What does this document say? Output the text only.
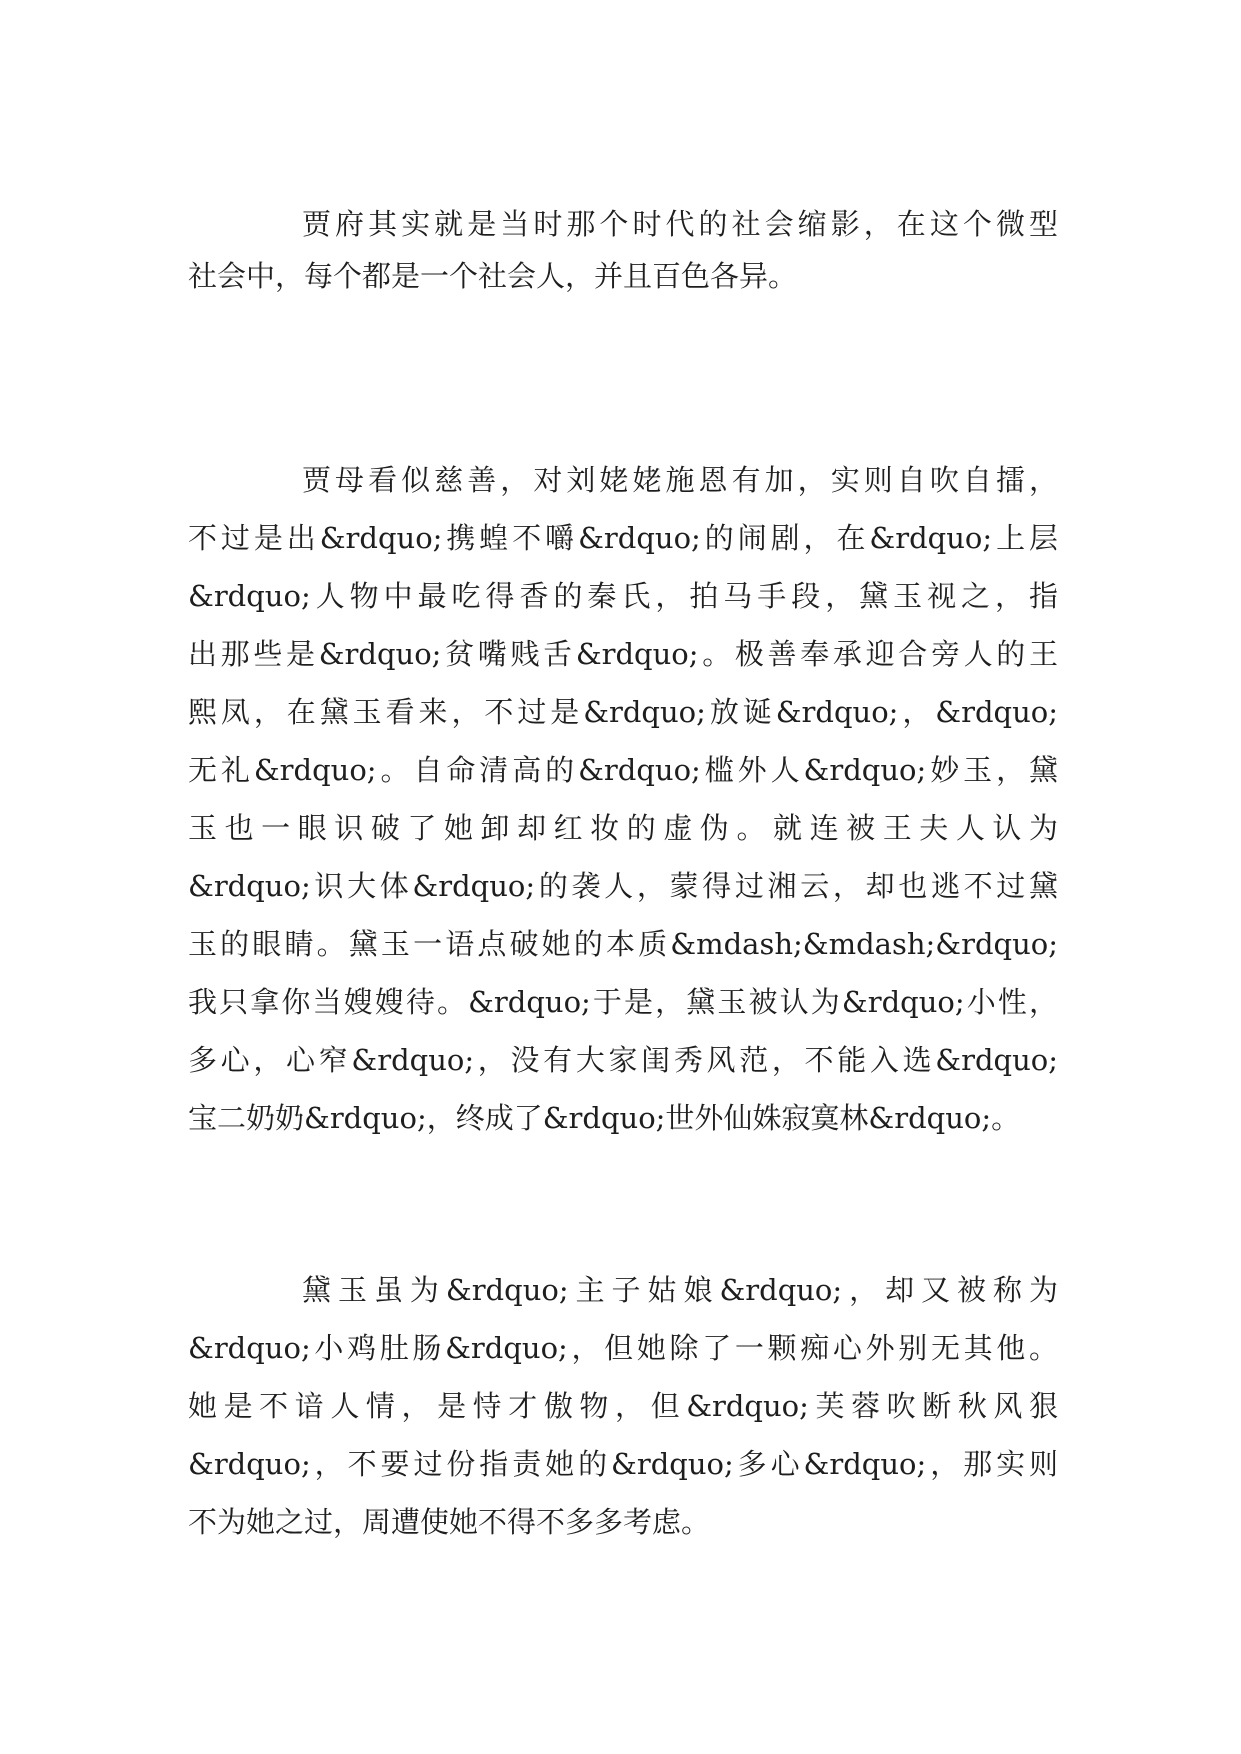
贾府其实就是当时那个时代的社会缩影，在这个微型

社会中，每个都是一个社会人，并且百色各异。

贾母看似慈善，对刘姥姥施恩有加，实则自吹自擂，

不过是出&rdquo;携蝗不嚼&rdquo;的闹剧，在&rdquo;上层

&rdquo;人物中最吃得香的秦氏，拍马手段，黛玉视之，指

出那些是&rdquo;贫嘴贱舌&rdquo;。极善奉承迎合旁人的王

熙凤，在黛玉看来，不过是&rdquo;放诞&rdquo;，&rdquo;

无礼&rdquo;。自命清高的&rdquo;槛外人&rdquo;妙玉，黛

玉也一眼识破了她卸却红妆的虚伪。就连被王夫人认为

&rdquo;识大体&rdquo;的袭人，蒙得过湘云，却也逃不过黛

玉的眼睛。黛玉一语点破她的本质&mdash;&mdash;&rdquo;

我只拿你当嫂嫂待。&rdquo;于是，黛玉被认为&rdquo;小性，

多心，心窄&rdquo;，没有大家闺秀风范，不能入选&rdquo;

宝二奶奶&rdquo;，终成了&rdquo;世外仙姝寂寞林&rdquo;。

黛玉虽为&rdquo;主子姑娘&rdquo;，却又被称为

&rdquo;小鸡肚肠&rdquo;，但她除了一颗痴心外别无其他。

她是不谙人情，是恃才傲物，但&rdquo;芙蓉吹断秋风狠

&rdquo;，不要过份指责她的&rdquo;多心&rdquo;，那实则

不为她之过，周遭使她不得不多多考虑。
